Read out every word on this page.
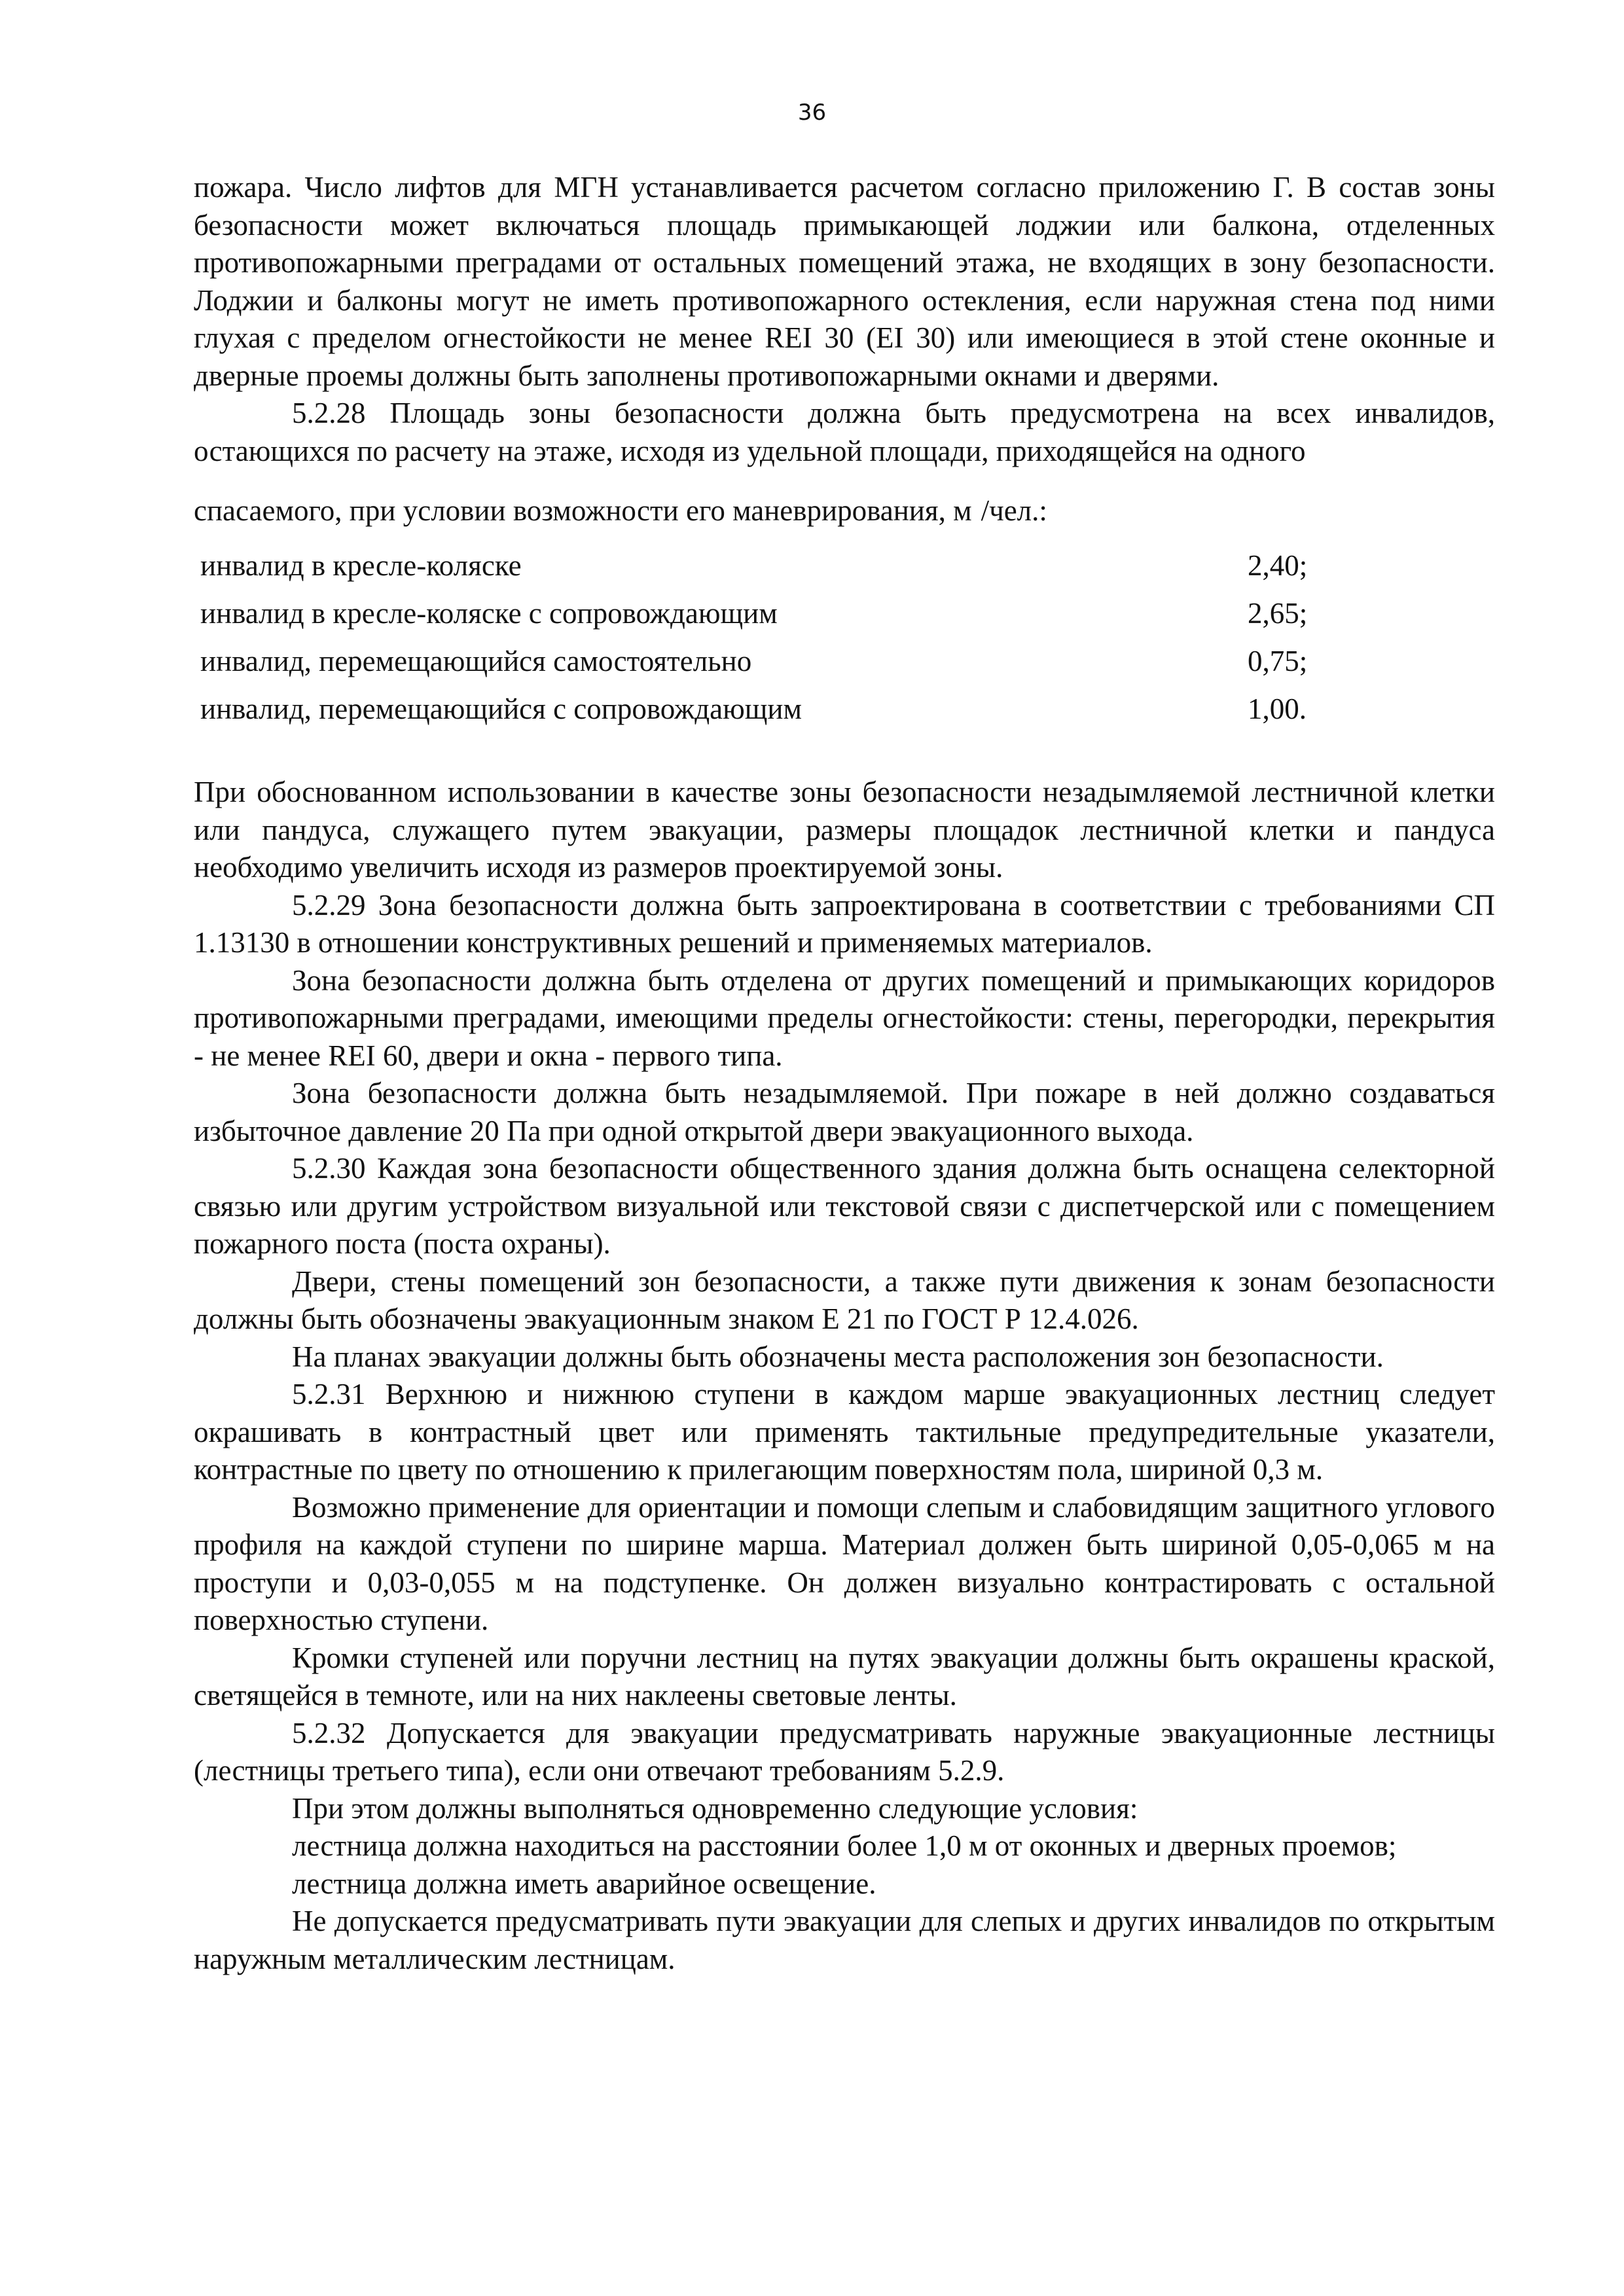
36

пожара. Число лифтов для МГН устанавливается расчетом согласно приложению Г. В состав зоны безопасности может включаться площадь примыкающей лоджии или балкона, отделенных противопожарными преградами от остальных помещений этажа, не входящих в зону безопасности. Лоджии и балконы могут не иметь противопожарного остекления, если наружная стена под ними глухая с пределом огнестойкости не менее REI 30 (EI 30) или имеющиеся в этой стене оконные и дверные проемы должны быть заполнены противопожарными окнами и дверями.

5.2.28 Площадь зоны безопасности должна быть предусмотрена на всех инвалидов, остающихся по расчету на этаже, исходя из удельной площади, приходящейся на одного

спасаемого, при условии возможности его маневрирования, м /чел.:

инвалид в кресле-коляске	2,40;
инвалид в кресле-коляске с сопровождающим	2,65;
инвалид, перемещающийся самостоятельно	0,75;
инвалид, перемещающийся с сопровождающим	1,00.

При обоснованном использовании в качестве зоны безопасности незадымляемой лестничной клетки или пандуса, служащего путем эвакуации, размеры площадок лестничной клетки и пандуса необходимо увеличить исходя из размеров проектируемой зоны.

5.2.29 Зона безопасности должна быть запроектирована в соответствии с требованиями СП 1.13130 в отношении конструктивных решений и применяемых материалов.

Зона безопасности должна быть отделена от других помещений и примыкающих коридоров противопожарными преградами, имеющими пределы огнестойкости: стены, перегородки, перекрытия - не менее REI 60, двери и окна - первого типа.

Зона безопасности должна быть незадымляемой. При пожаре в ней должно создаваться избыточное давление 20 Па при одной открытой двери эвакуационного выхода.

5.2.30 Каждая зона безопасности общественного здания должна быть оснащена селекторной связью или другим устройством визуальной или текстовой связи с диспетчерской или с помещением пожарного поста (поста охраны).

Двери, стены помещений зон безопасности, а также пути движения к зонам безопасности должны быть обозначены эвакуационным знаком Е 21 по ГОСТ Р 12.4.026.

На планах эвакуации должны быть обозначены места расположения зон безопасности.

5.2.31 Верхнюю и нижнюю ступени в каждом марше эвакуационных лестниц следует окрашивать в контрастный цвет или применять тактильные предупредительные указатели, контрастные по цвету по отношению к прилегающим поверхностям пола, шириной 0,3 м.

Возможно применение для ориентации и помощи слепым и слабовидящим защитного углового профиля на каждой ступени по ширине марша. Материал должен быть шириной 0,05-0,065 м на проступи и 0,03-0,055 м на подступенке. Он должен визуально контрастировать с остальной поверхностью ступени.

Кромки ступеней или поручни лестниц на путях эвакуации должны быть окрашены краской, светящейся в темноте, или на них наклеены световые ленты.

5.2.32 Допускается для эвакуации предусматривать наружные эвакуационные лестницы (лестницы третьего типа), если они отвечают требованиям 5.2.9.

При этом должны выполняться одновременно следующие условия:

лестница должна находиться на расстоянии более 1,0 м от оконных и дверных проемов;

лестница должна иметь аварийное освещение.

Не допускается предусматривать пути эвакуации для слепых и других инвалидов по открытым наружным металлическим лестницам.
